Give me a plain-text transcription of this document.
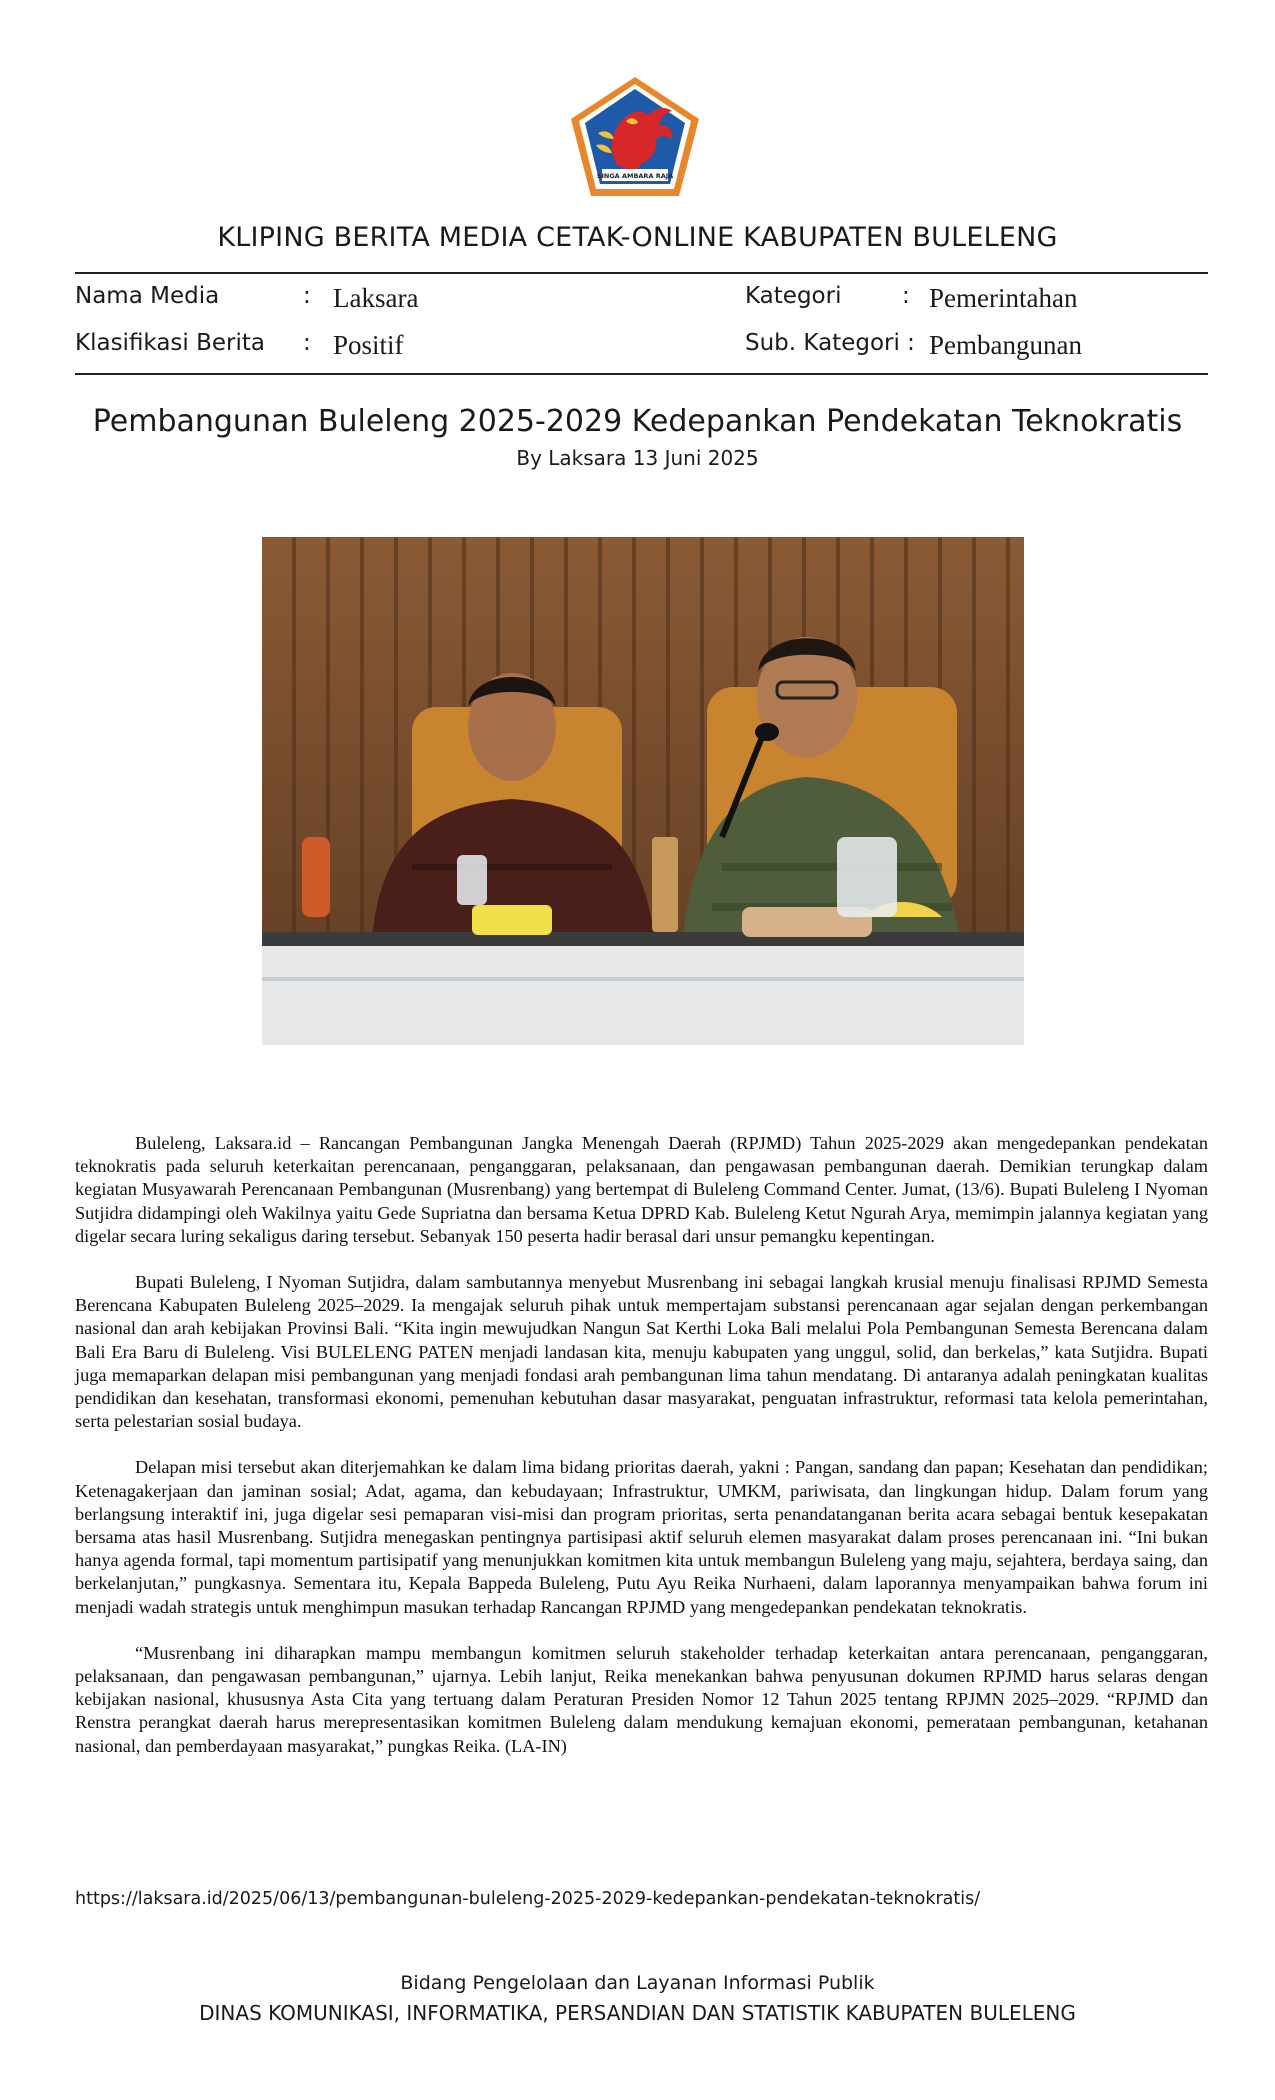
SINGA AMBARA RAJA
KLIPING BERITA MEDIA CETAK-ONLINE KABUPATEN BULELENG
Nama Media	: Laksara	Kategori	: Pemerintahan
Klasifikasi Berita : Positif	Sub. Kategori : Pembangunan
Pembangunan Buleleng 2025-2029 Kedepankan Pendekatan Teknokratis
By Laksara 13 Juni 2025

Buleleng, Laksara.id – Rancangan Pembangunan Jangka Menengah Daerah (RPJMD) Tahun 2025-2029 akan mengedepankan pendekatan teknokratis pada seluruh keterkaitan perencanaan, penganggaran, pelaksanaan, dan pengawasan pembangunan daerah. Demikian terungkap dalam kegiatan Musyawarah Perencanaan Pembangunan (Musrenbang) yang bertempat di Buleleng Command Center. Jumat, (13/6). Bupati Buleleng I Nyoman Sutjidra didampingi oleh Wakilnya yaitu Gede Supriatna dan bersama Ketua DPRD Kab. Buleleng Ketut Ngurah Arya, memimpin jalannya kegiatan yang digelar secara luring sekaligus daring tersebut. Sebanyak 150 peserta hadir berasal dari unsur pemangku kepentingan.

Bupati Buleleng, I Nyoman Sutjidra, dalam sambutannya menyebut Musrenbang ini sebagai langkah krusial menuju finalisasi RPJMD Semesta Berencana Kabupaten Buleleng 2025–2029. Ia mengajak seluruh pihak untuk mempertajam substansi perencanaan agar sejalan dengan perkembangan nasional dan arah kebijakan Provinsi Bali. “Kita ingin mewujudkan Nangun Sat Kerthi Loka Bali melalui Pola Pembangunan Semesta Berencana dalam Bali Era Baru di Buleleng. Visi BULELENG PATEN menjadi landasan kita, menuju kabupaten yang unggul, solid, dan berkelas,” kata Sutjidra. Bupati juga memaparkan delapan misi pembangunan yang menjadi fondasi arah pembangunan lima tahun mendatang. Di antaranya adalah peningkatan kualitas pendidikan dan kesehatan, transformasi ekonomi, pemenuhan kebutuhan dasar masyarakat, penguatan infrastruktur, reformasi tata kelola pemerintahan, serta pelestarian sosial budaya.

Delapan misi tersebut akan diterjemahkan ke dalam lima bidang prioritas daerah, yakni : Pangan, sandang dan papan; Kesehatan dan pendidikan; Ketenagakerjaan dan jaminan sosial; Adat, agama, dan kebudayaan; Infrastruktur, UMKM, pariwisata, dan lingkungan hidup. Dalam forum yang berlangsung interaktif ini, juga digelar sesi pemaparan visi-misi dan program prioritas, serta penandatanganan berita acara sebagai bentuk kesepakatan bersama atas hasil Musrenbang. Sutjidra menegaskan pentingnya partisipasi aktif seluruh elemen masyarakat dalam proses perencanaan ini. “Ini bukan hanya agenda formal, tapi momentum partisipatif yang menunjukkan komitmen kita untuk membangun Buleleng yang maju, sejahtera, berdaya saing, dan berkelanjutan,” pungkasnya. Sementara itu, Kepala Bappeda Buleleng, Putu Ayu Reika Nurhaeni, dalam laporannya menyampaikan bahwa forum ini menjadi wadah strategis untuk menghimpun masukan terhadap Rancangan RPJMD yang mengedepankan pendekatan teknokratis.

“Musrenbang ini diharapkan mampu membangun komitmen seluruh stakeholder terhadap keterkaitan antara perencanaan, penganggaran, pelaksanaan, dan pengawasan pembangunan,” ujarnya. Lebih lanjut, Reika menekankan bahwa penyusunan dokumen RPJMD harus selaras dengan kebijakan nasional, khususnya Asta Cita yang tertuang dalam Peraturan Presiden Nomor 12 Tahun 2025 tentang RPJMN 2025–2029. “RPJMD dan Renstra perangkat daerah harus merepresentasikan komitmen Buleleng dalam mendukung kemajuan ekonomi, pemerataan pembangunan, ketahanan nasional, dan pemberdayaan masyarakat,” pungkas Reika. (LA-IN)

https://laksara.id/2025/06/13/pembangunan-buleleng-2025-2029-kedepankan-pendekatan-teknokratis/
Bidang Pengelolaan dan Layanan Informasi Publik
DINAS KOMUNIKASI, INFORMATIKA, PERSANDIAN DAN STATISTIK KABUPATEN BULELENG
